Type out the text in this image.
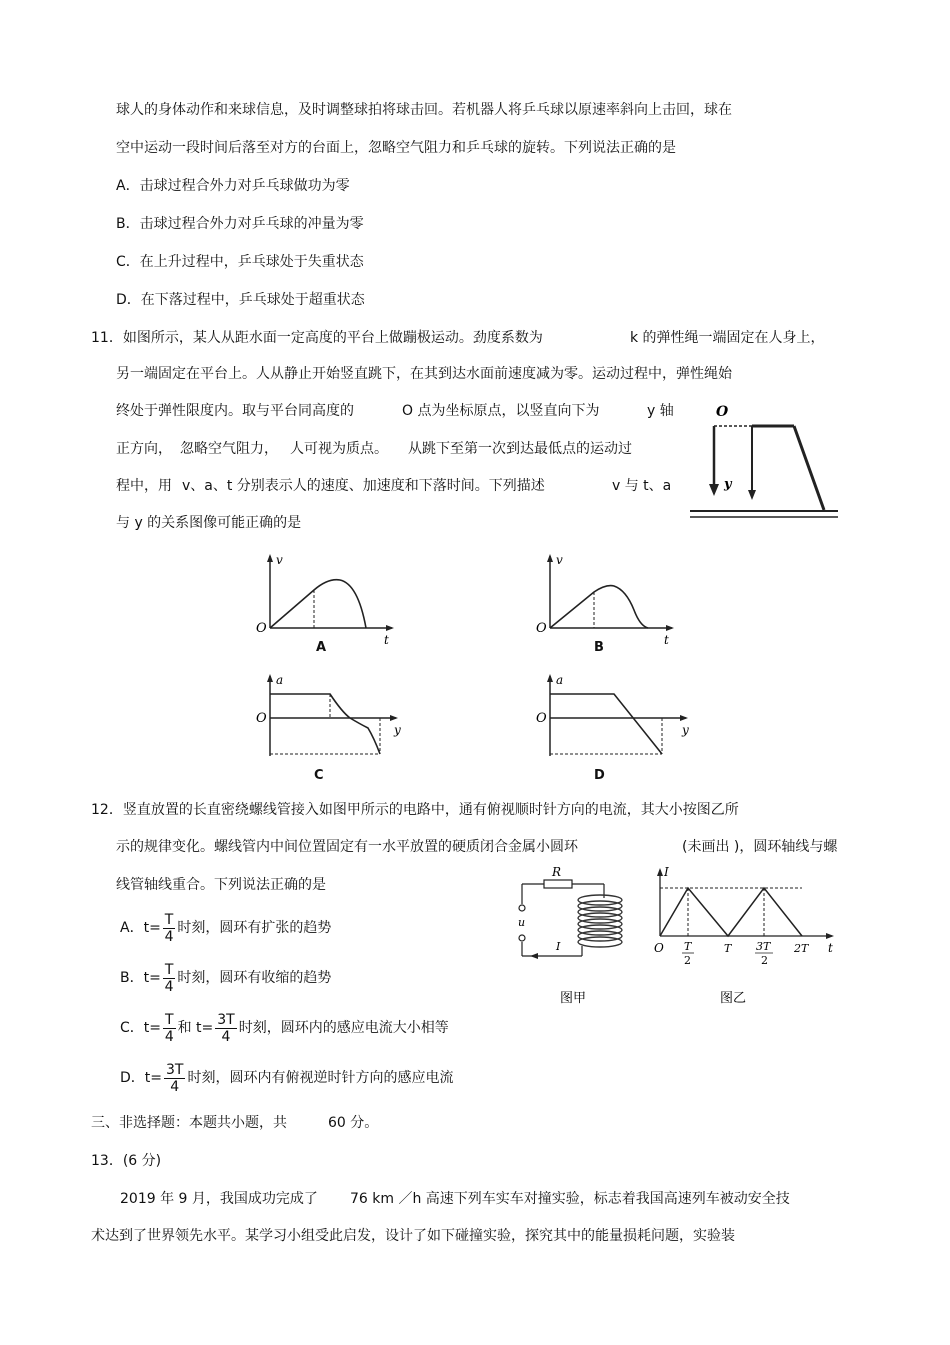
球人的身体动作和来球信息，及时调整球拍将球击回。若机器人将乒乓球以原速率斜向上击回，球在
空中运动一段时间后落至对方的台面上，忽略空气阻力和乒乓球的旋转。下列说法正确的是
A．击球过程合外力对乒乓球做功为零
B．击球过程合外力对乒乓球的冲量为零
C．在上升过程中，乒乓球处于失重状态
D．在下落过程中，乒乓球处于超重状态
11．如图所示，某人从距水面一定高度的平台上做蹦极运动。劲度系数为	k 的弹性绳一端固定在人身上，
另一端固定在平台上。人从静止开始竖直跳下，在其到达水面前速度减为零。运动过程中，弹性绳始
终处于弹性限度内。取与平台同高度的	O 点为坐标原点，以竖直向下为	y 轴
正方向， 忽略空气阻力， 人可视为质点。 从跳下至第一次到达最低点的运动过
程中，用 v、a、t 分别表示人的速度、加速度和下落时间。下列描述	v 与 t、a
与 y 的关系图像可能正确的是
O
y
v
O
t
A
v
O
t
B
a
O
y
C
a
O
y
D
12．竖直放置的长直密绕螺线管接入如图甲所示的电路中，通有俯视顺时针方向的电流，其大小按图乙所
示的规律变化。螺线管内中间位置固定有一水平放置的硬质闭合金属小圆环	(未画出 )，圆环轴线与螺
线管轴线重合。下列说法正确的是
A．$t= \frac{T}{4}$ 时刻，圆环有扩张的趋势
B．$t= \frac{T}{4}$ 时刻，圆环有收缩的趋势
C．$t= \frac{T}{4}$ 和 $t= \frac{3T}{4}$ 时刻，圆环内的感应电流大小相等
D．$t= \frac{3T}{4}$ 时刻，圆环内有俯视逆时针方向的感应电流
R
u
I
图甲
I
O	t
T
2
T 3T
2
2T
图乙
三、非选择题：本题共小题，共	60 分。
13．(6 分)
2019 年 9 月，我国成功完成了 76 km ／h 高速下列车实车对撞实验，标志着我国高速列车被动安全技
术达到了世界领先水平。某学习小组受此启发，设计了如下碰撞实验，探究其中的能量损耗问题，实验装
